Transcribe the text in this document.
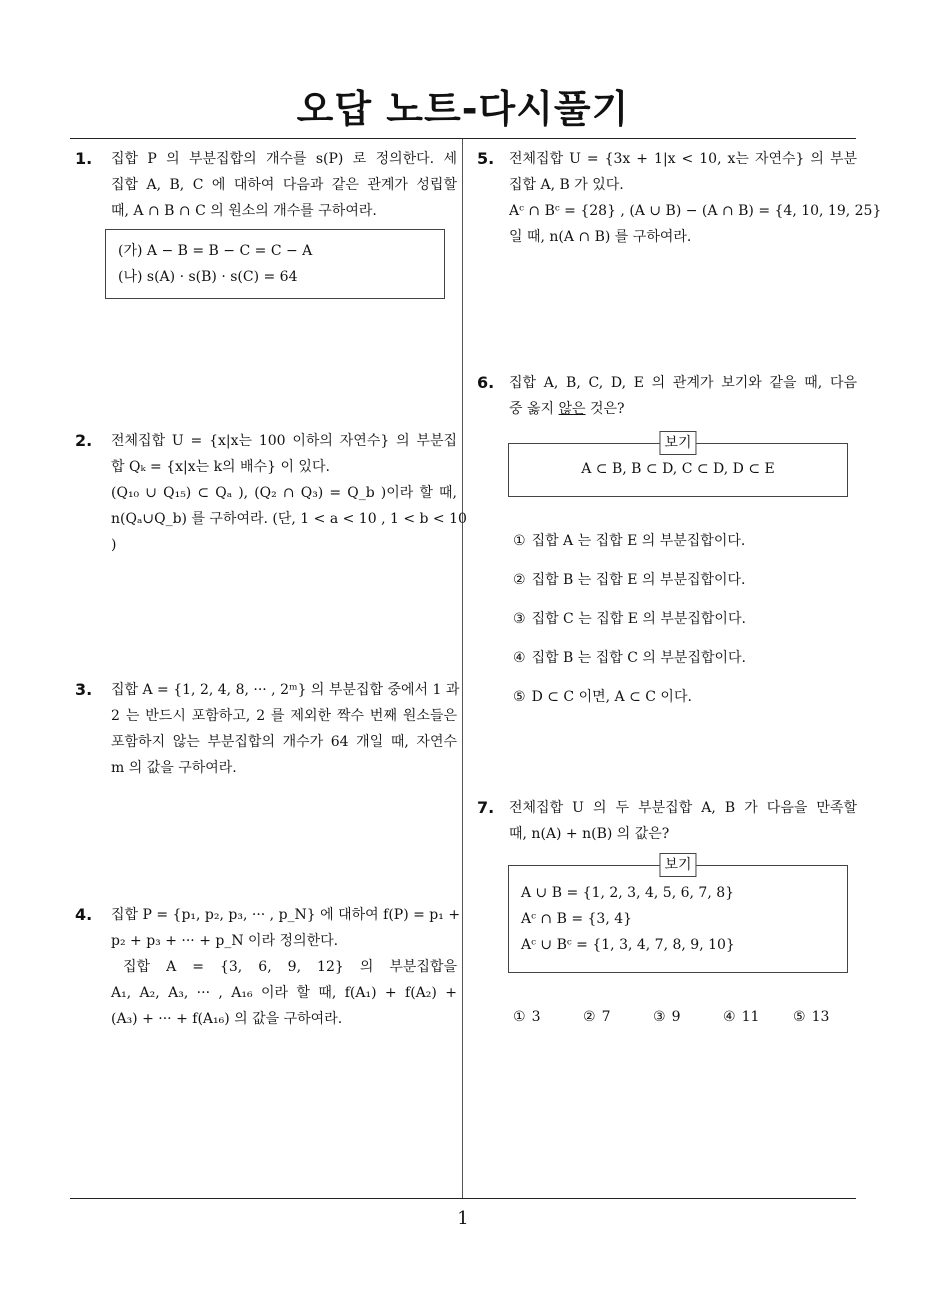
오답 노트-다시풀기
1
1. 집합 P 의 부분집합의 개수를 s(P) 로 정의한다. 세
집합 A, B, C 에 대하여 다음과 같은 관계가 성립할
때, A ∩ B ∩ C 의 원소의 개수를 구하여라.
(가) A − B = B − C = C − A
(나) s(A) · s(B) · s(C) = 64
2. 전체집합 U = {x|x는 100 이하의 자연수} 의 부분집
합 Qₖ = {x|x는 k의 배수} 이 있다.
(Q₁₀ ∪ Q₁₅) ⊂ Qₐ ), (Q₂ ∩ Q₃) = Q_b )이라 할 때,
n(Qₐ∪Q_b) 를 구하여라. (단, 1 < a < 10 , 1 < b < 10
)
3. 집합 A = {1, 2, 4, 8, ··· , 2ᵐ} 의 부분집합 중에서 1 과
2 는 반드시 포함하고, 2 를 제외한 짝수 번째 원소들은
포함하지 않는 부분집합의 개수가 64 개일 때, 자연수
m 의 값을 구하여라.
4. 집합 P = {p₁, p₂, p₃, ··· , p_N} 에 대하여 f(P) = p₁ +
p₂ + p₃ + ··· + p_N 이라 정의한다.
집합 A = {3, 6, 9, 12} 의 부분집합을
A₁, A₂, A₃, ··· , A₁₆ 이라 할 때, f(A₁) + f(A₂) +
(A₃) + ··· + f(A₁₆) 의 값을 구하여라.
5. 전체집합 U = {3x + 1|x < 10, x는 자연수} 의 부분
집합 A, B 가 있다.
Aᶜ ∩ Bᶜ = {28} , (A ∪ B) − (A ∩ B) = {4, 10, 19, 25}
일 때, n(A ∩ B) 를 구하여라.
6. 집합 A, B, C, D, E 의 관계가 보기와 같을 때, 다음
중 옳지 않은 것은?
보기
A ⊂ B, B ⊂ D, C ⊂ D, D ⊂ E
① 집합 A 는 집합 E 의 부분집합이다.
② 집합 B 는 집합 E 의 부분집합이다.
③ 집합 C 는 집합 E 의 부분집합이다.
④ 집합 B 는 집합 C 의 부분집합이다.
⑤ D ⊂ C 이면, A ⊂ C 이다.
7. 전체집합 U 의 두 부분집합 A, B 가 다음을 만족할
때, n(A) + n(B) 의 값은?
보기
A ∪ B = {1, 2, 3, 4, 5, 6, 7, 8}
Aᶜ ∩ B = {3, 4}
Aᶜ ∪ Bᶜ = {1, 3, 4, 7, 8, 9, 10}
① 3	② 7	③ 9	④ 11 ⑤ 13
